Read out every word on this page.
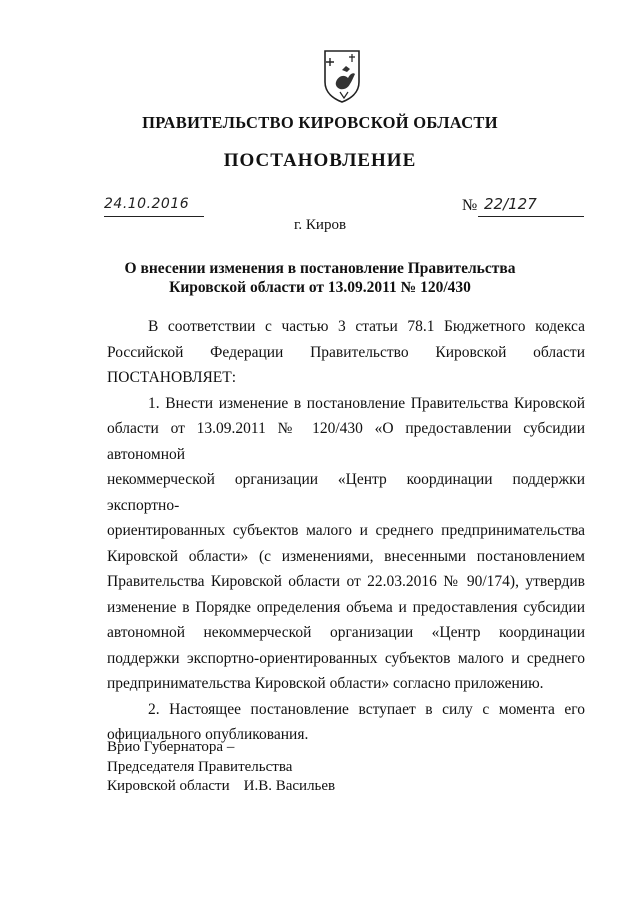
ПРАВИТЕЛЬСТВО КИРОВСКОЙ ОБЛАСТИ
ПОСТАНОВЛЕНИЕ
24.10.2016	№ 22/127
г. Киров
О внесении изменения в постановление Правительства
Кировской области от 13.09.2011 № 120/430
В соответствии с частью 3 статьи 78.1 Бюджетного кодекса
Российской Федерации Правительство Кировской области
ПОСТАНОВЛЯЕТ:
1. Внести изменение в постановление Правительства Кировской
области от 13.09.2011 № 120/430 «О предоставлении субсидии автономной
некоммерческой организации «Центр координации поддержки экспортно-
ориентированных субъектов малого и среднего предпринимательства
Кировской области» (с изменениями, внесенными постановлением
Правительства Кировской области от 22.03.2016 № 90/174), утвердив
изменение в Порядке определения объема и предоставления субсидии
автономной некоммерческой организации «Центр координации
поддержки экспортно-ориентированных субъектов малого и среднего
предпринимательства Кировской области» согласно приложению.
2. Настоящее постановление вступает в силу с момента его
официального опубликования.
Врио Губернатора –
Председателя Правительства
Кировской области И.В. Васильев
